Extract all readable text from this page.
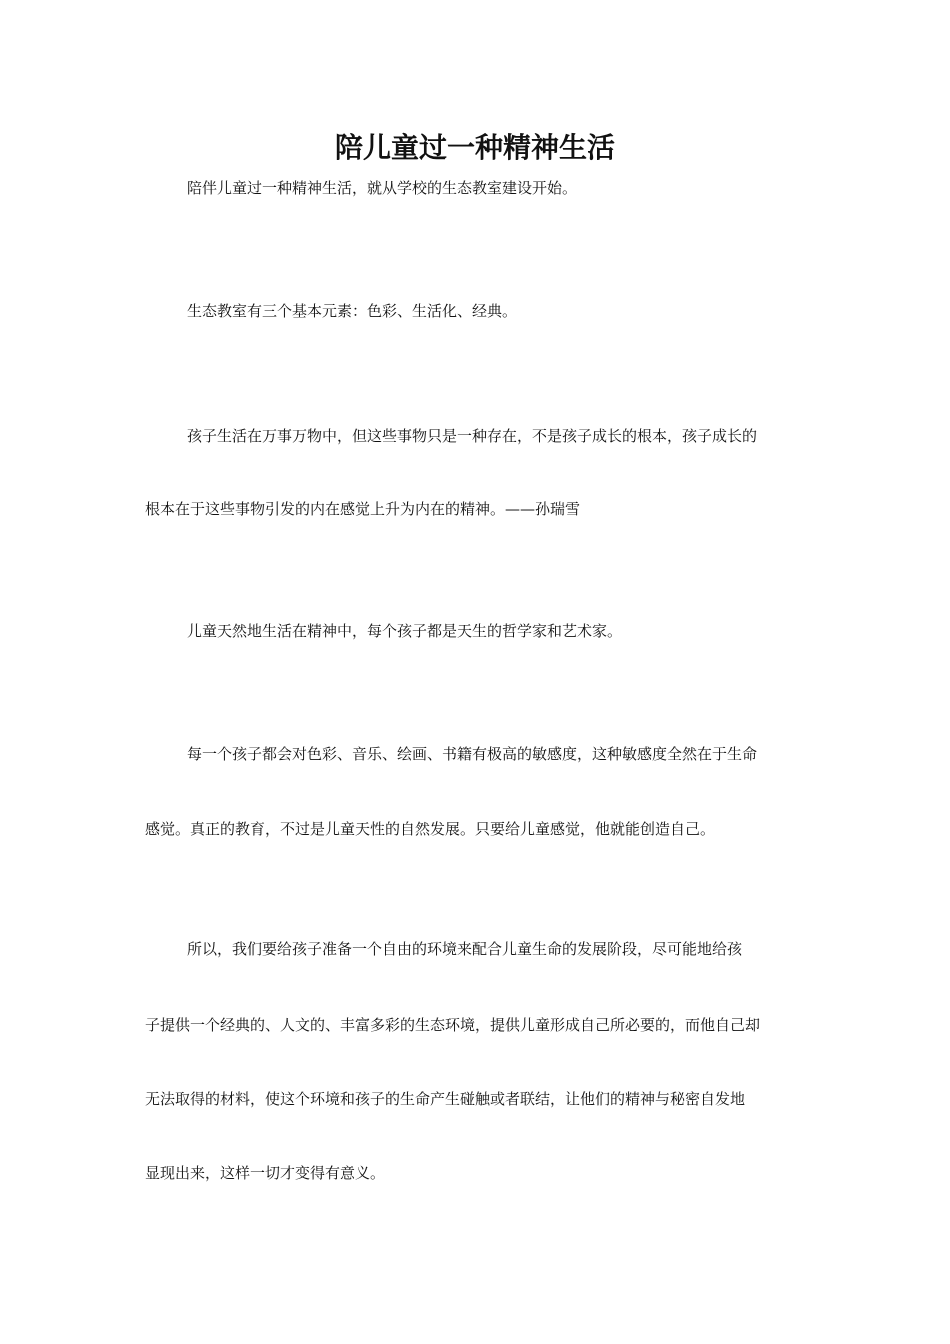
陪儿童过一种精神生活
陪伴儿童过一种精神生活，就从学校的生态教室建设开始。
生态教室有三个基本元素：色彩、生活化、经典。
孩子生活在万事万物中，但这些事物只是一种存在，不是孩子成长的根本，孩子成长的
根本在于这些事物引发的内在感觉上升为内在的精神。——孙瑞雪
儿童天然地生活在精神中，每个孩子都是天生的哲学家和艺术家。
每一个孩子都会对色彩、音乐、绘画、书籍有极高的敏感度，这种敏感度全然在于生命
感觉。真正的教育，不过是儿童天性的自然发展。只要给儿童感觉，他就能创造自己。
所以，我们要给孩子准备一个自由的环境来配合儿童生命的发展阶段，尽可能地给孩
子提供一个经典的、人文的、丰富多彩的生态环境，提供儿童形成自己所必要的，而他自己却
无法取得的材料，使这个环境和孩子的生命产生碰触或者联结，让他们的精神与秘密自发地
显现出来，这样一切才变得有意义。
